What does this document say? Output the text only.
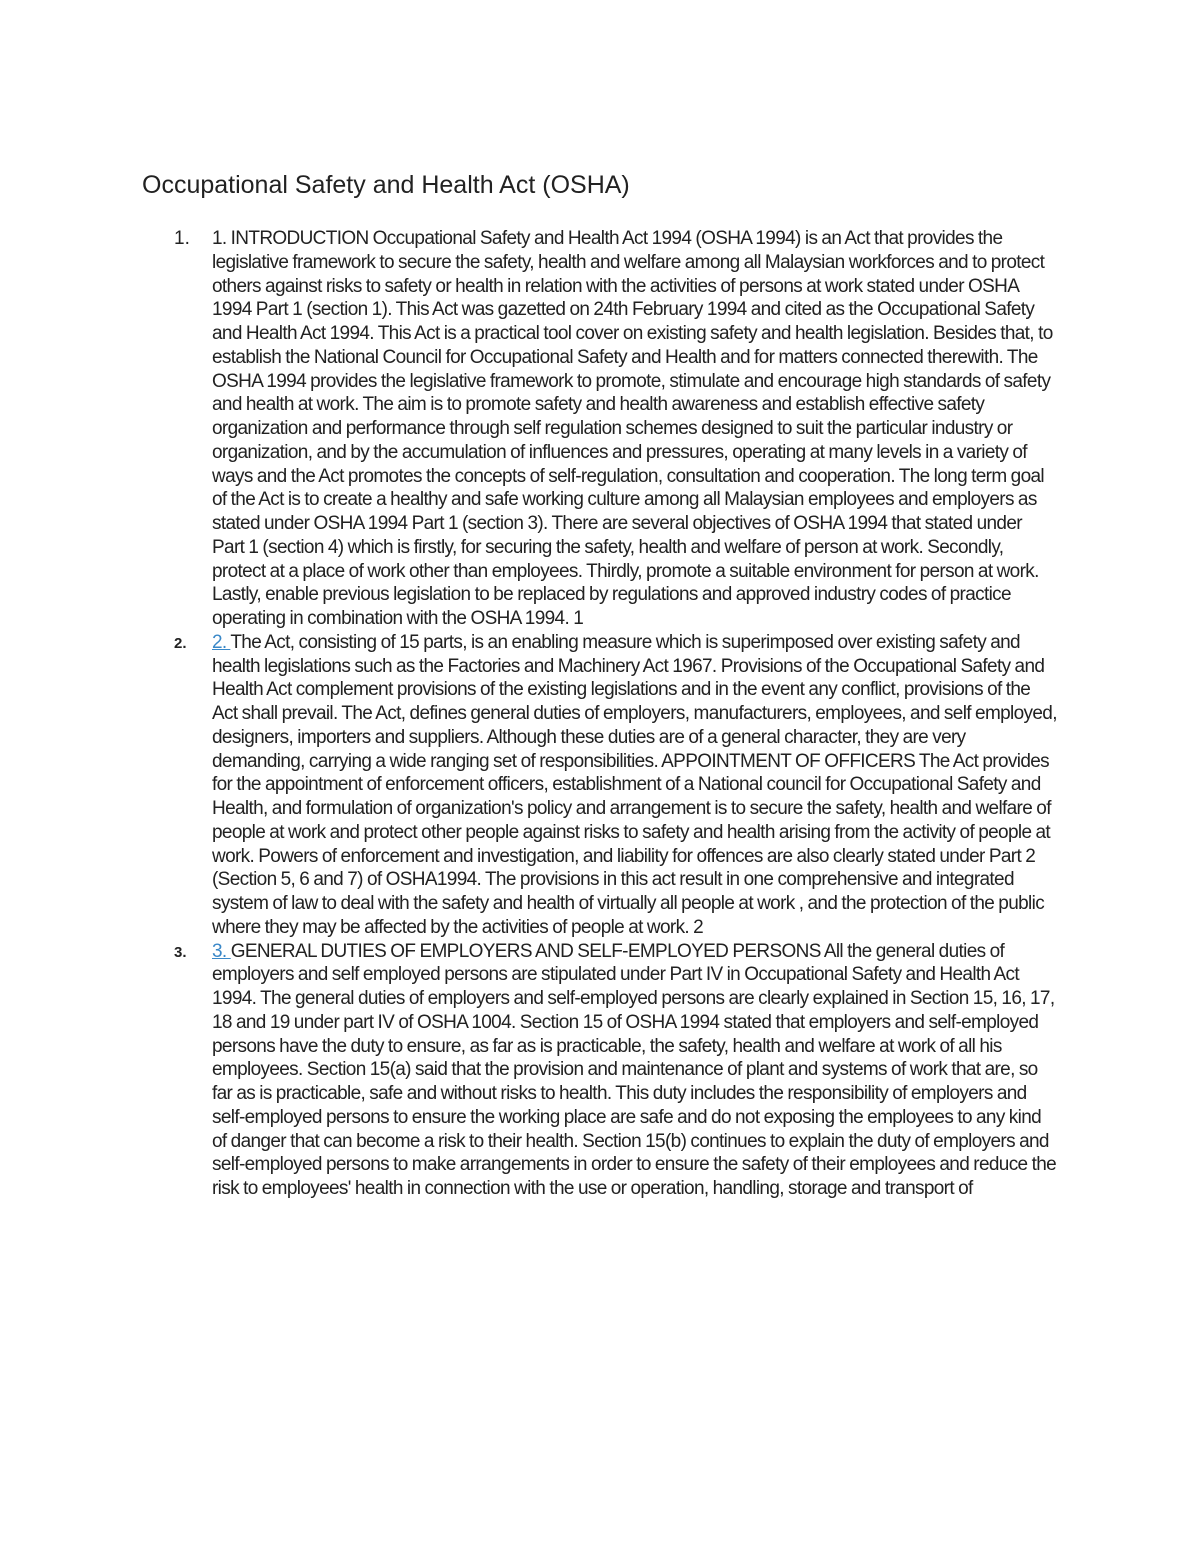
Occupational Safety and Health Act (OSHA)
1. 1. INTRODUCTION Occupational Safety and Health Act 1994 (OSHA 1994) is an Act that provides the legislative framework to secure the safety, health and welfare among all Malaysian workforces and to protect others against risks to safety or health in relation with the activities of persons at work stated under OSHA 1994 Part 1 (section 1). This Act was gazetted on 24th February 1994 and cited as the Occupational Safety and Health Act 1994. This Act is a practical tool cover on existing safety and health legislation. Besides that, to establish the National Council for Occupational Safety and Health and for matters connected therewith. The OSHA 1994 provides the legislative framework to promote, stimulate and encourage high standards of safety and health at work. The aim is to promote safety and health awareness and establish effective safety organization and performance through self regulation schemes designed to suit the particular industry or organization, and by the accumulation of influences and pressures, operating at many levels in a variety of ways and the Act promotes the concepts of self-regulation, consultation and cooperation. The long term goal of the Act is to create a healthy and safe working culture among all Malaysian employees and employers as stated under OSHA 1994 Part 1 (section 3). There are several objectives of OSHA 1994 that stated under Part 1 (section 4) which is firstly, for securing the safety, health and welfare of person at work. Secondly, protect at a place of work other than employees. Thirdly, promote a suitable environment for person at work. Lastly, enable previous legislation to be replaced by regulations and approved industry codes of practice operating in combination with the OSHA 1994. 1
2. 2. The Act, consisting of 15 parts, is an enabling measure which is superimposed over existing safety and health legislations such as the Factories and Machinery Act 1967. Provisions of the Occupational Safety and Health Act complement provisions of the existing legislations and in the event any conflict, provisions of the Act shall prevail. The Act, defines general duties of employers, manufacturers, employees, and self employed, designers, importers and suppliers. Although these duties are of a general character, they are very demanding, carrying a wide ranging set of responsibilities. APPOINTMENT OF OFFICERS The Act provides for the appointment of enforcement officers, establishment of a National council for Occupational Safety and Health, and formulation of organization's policy and arrangement is to secure the safety, health and welfare of people at work and protect other people against risks to safety and health arising from the activity of people at work. Powers of enforcement and investigation, and liability for offences are also clearly stated under Part 2 (Section 5, 6 and 7) of OSHA1994. The provisions in this act result in one comprehensive and integrated system of law to deal with the safety and health of virtually all people at work , and the protection of the public where they may be affected by the activities of people at work. 2
3. 3. GENERAL DUTIES OF EMPLOYERS AND SELF-EMPLOYED PERSONS All the general duties of employers and self employed persons are stipulated under Part IV in Occupational Safety and Health Act 1994. The general duties of employers and self-employed persons are clearly explained in Section 15, 16, 17, 18 and 19 under part IV of OSHA 1004. Section 15 of OSHA 1994 stated that employers and self-employed persons have the duty to ensure, as far as is practicable, the safety, health and welfare at work of all his employees. Section 15(a) said that the provision and maintenance of plant and systems of work that are, so far as is practicable, safe and without risks to health. This duty includes the responsibility of employers and self-employed persons to ensure the working place are safe and do not exposing the employees to any kind of danger that can become a risk to their health. Section 15(b) continues to explain the duty of employers and self-employed persons to make arrangements in order to ensure the safety of their employees and reduce the risk to employees' health in connection with the use or operation, handling, storage and transport of
